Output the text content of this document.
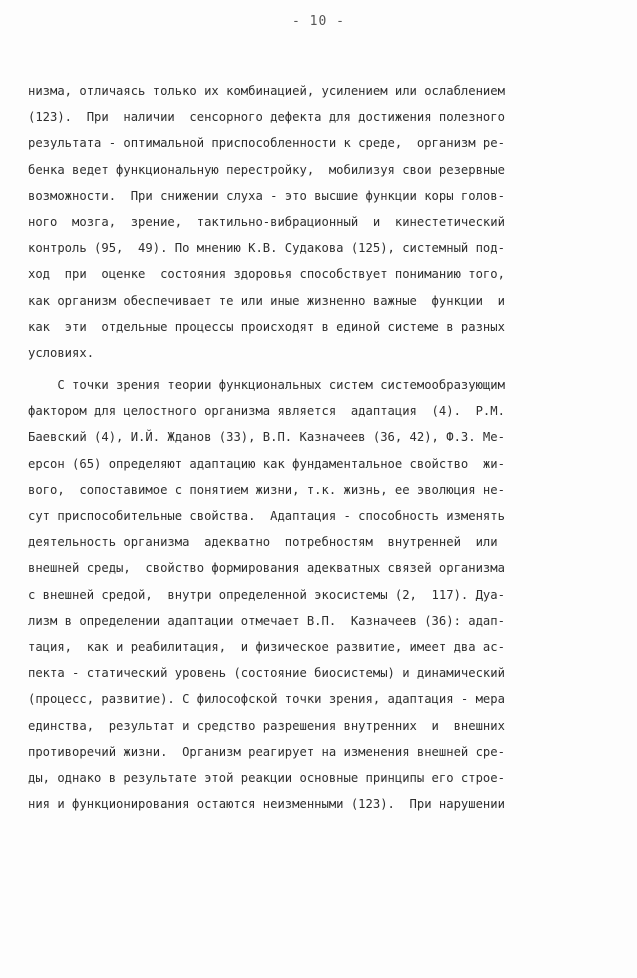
- 10 -
низма, отличаясь только их комбинацией, усилением или ослаблением
(123).  При  наличии  сенсорного дефекта для достижения полезного
результата - оптимальной приспособленности к среде,  организм ре-
бенка ведет функциональную перестройку,  мобилизуя свои резервные
возможности.  При снижении слуха - это высшие функции коры голов-
ного  мозга,  зрение,  тактильно-вибрационный  и  кинестетический
контроль (95,  49). По мнению К.В. Судакова (125), системный под-
ход  при  оценке  состояния здоровья способствует пониманию того,
как организм обеспечивает те или иные жизненно важные  функции  и
как  эти  отдельные процессы происходят в единой системе в разных
условиях.
С точки зрения теории функциональных систем системообразующим
фактором для целостного организма является  адаптация  (4).  Р.М.
Баевский (4), И.Й. Жданов (33), В.П. Казначеев (36, 42), Ф.З. Ме-
ерсон (65) определяют адаптацию как фундаментальное свойство  жи-
вого,  сопоставимое с понятием жизни, т.к. жизнь, ее эволюция не-
сут приспособительные свойства.  Адаптация - способность изменять
деятельность организма  адекватно  потребностям  внутренней  или
внешней среды,  свойство формирования адекватных связей организма
с внешней средой,  внутри определенной экосистемы (2,  117). Дуа-
лизм в определении адаптации отмечает В.П.  Казначеев (36): адап-
тация,  как и реабилитация,  и физическое развитие, имеет два ас-
пекта - статический уровень (состояние биосистемы) и динамический
(процесс, развитие). С философской точки зрения, адаптация - мера
единства,  результат и средство разрешения внутренних  и  внешних
противоречий жизни.  Организм реагирует на изменения внешней сре-
ды, однако в результате этой реакции основные принципы его строе-
ния и функционирования остаются неизменными (123).  При нарушении
